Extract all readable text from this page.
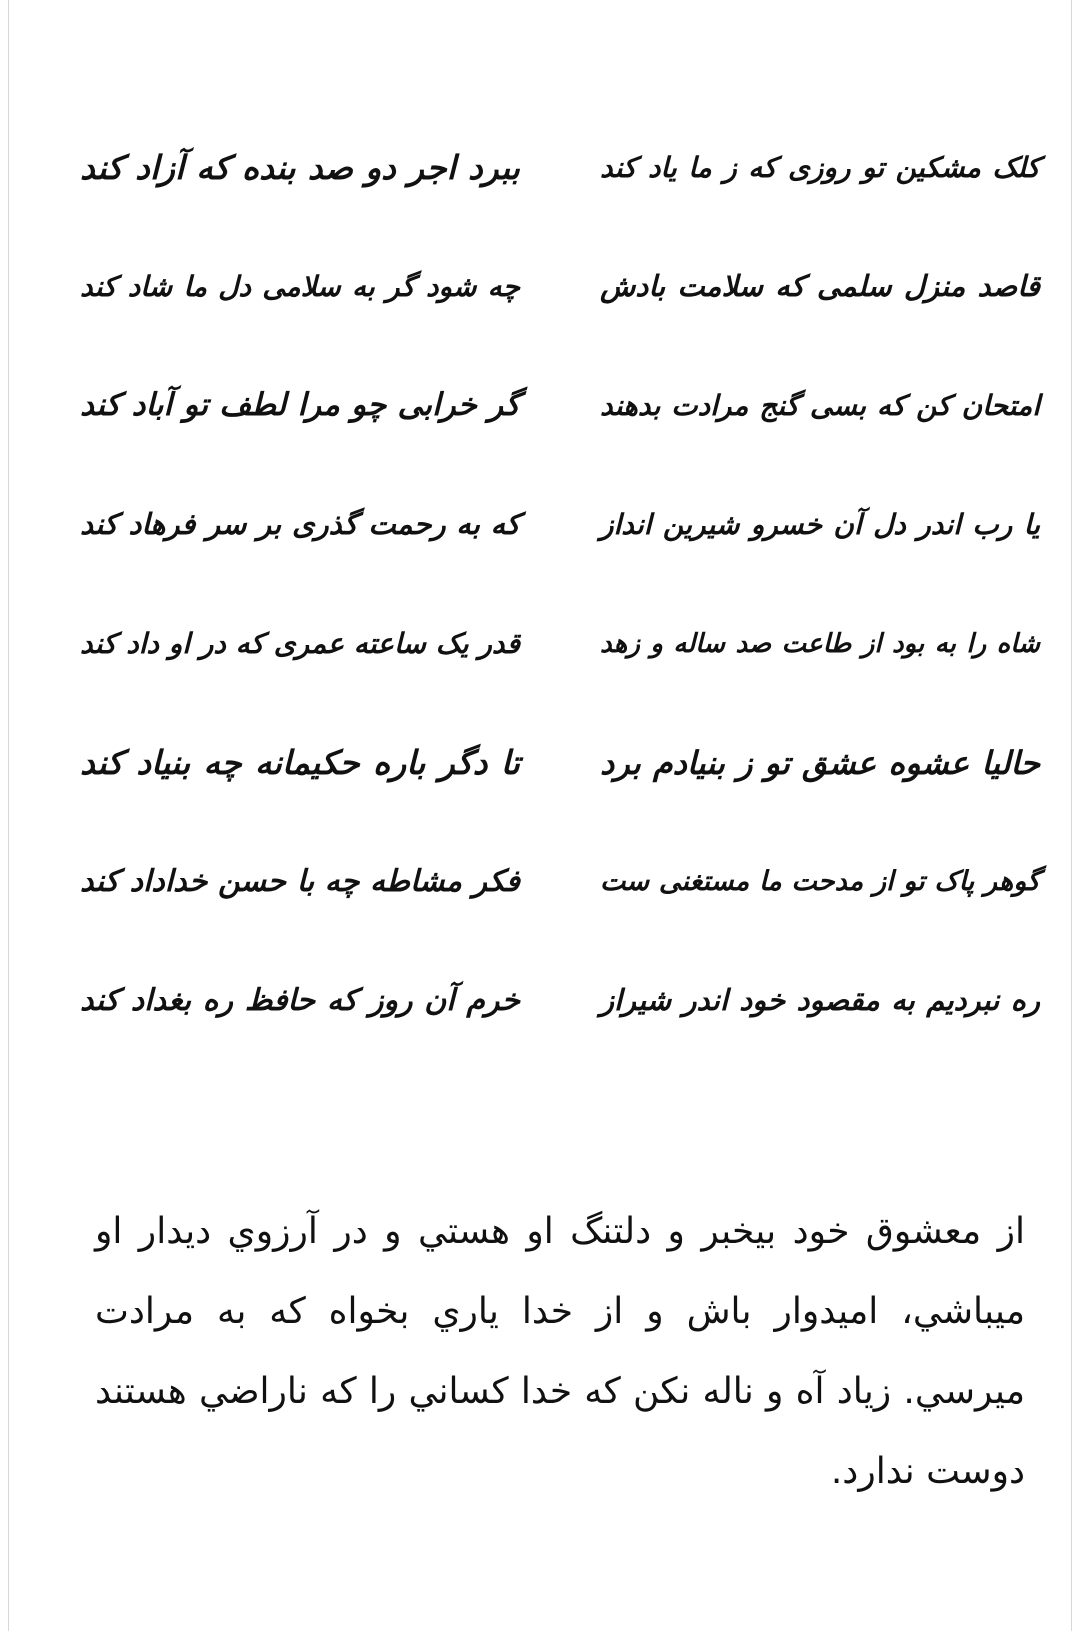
کلک مشکین تو روزی که ز ما یاد کند
ببرد اجر دو صد بنده که آزاد کند
قاصد منزل سلمی که سلامت بادش
چه شود گر به سلامی دل ما شاد کند
امتحان کن که بسی گنج مرادت بدهند
گر خرابی چو مرا لطف تو آباد کند
یا رب اندر دل آن خسرو شیرین انداز
که به رحمت گذری بر سر فرهاد کند
شاه را به بود از طاعت صد ساله و زهد
قدر یک ساعته عمری که در او داد کند
حالیا عشوه عشق تو ز بنیادم برد
تا دگر باره حکیمانه چه بنیاد کند
گوهر پاک تو از مدحت ما مستغنی ست
فکر مشاطه چه با حسن خداداد کند
ره نبردیم به مقصود خود اندر شیراز
خرم آن روز که حافظ ره بغداد کند

از معشوق خود بيخبر و دلتنگ او هستي و در آرزوي ديدار او ميباشي، اميدوار باش و از خدا ياري بخواه كه به مرادت ميرسي. زياد آه و ناله نكن كه خدا كساني را كه ناراضي هستند دوست ندارد.
